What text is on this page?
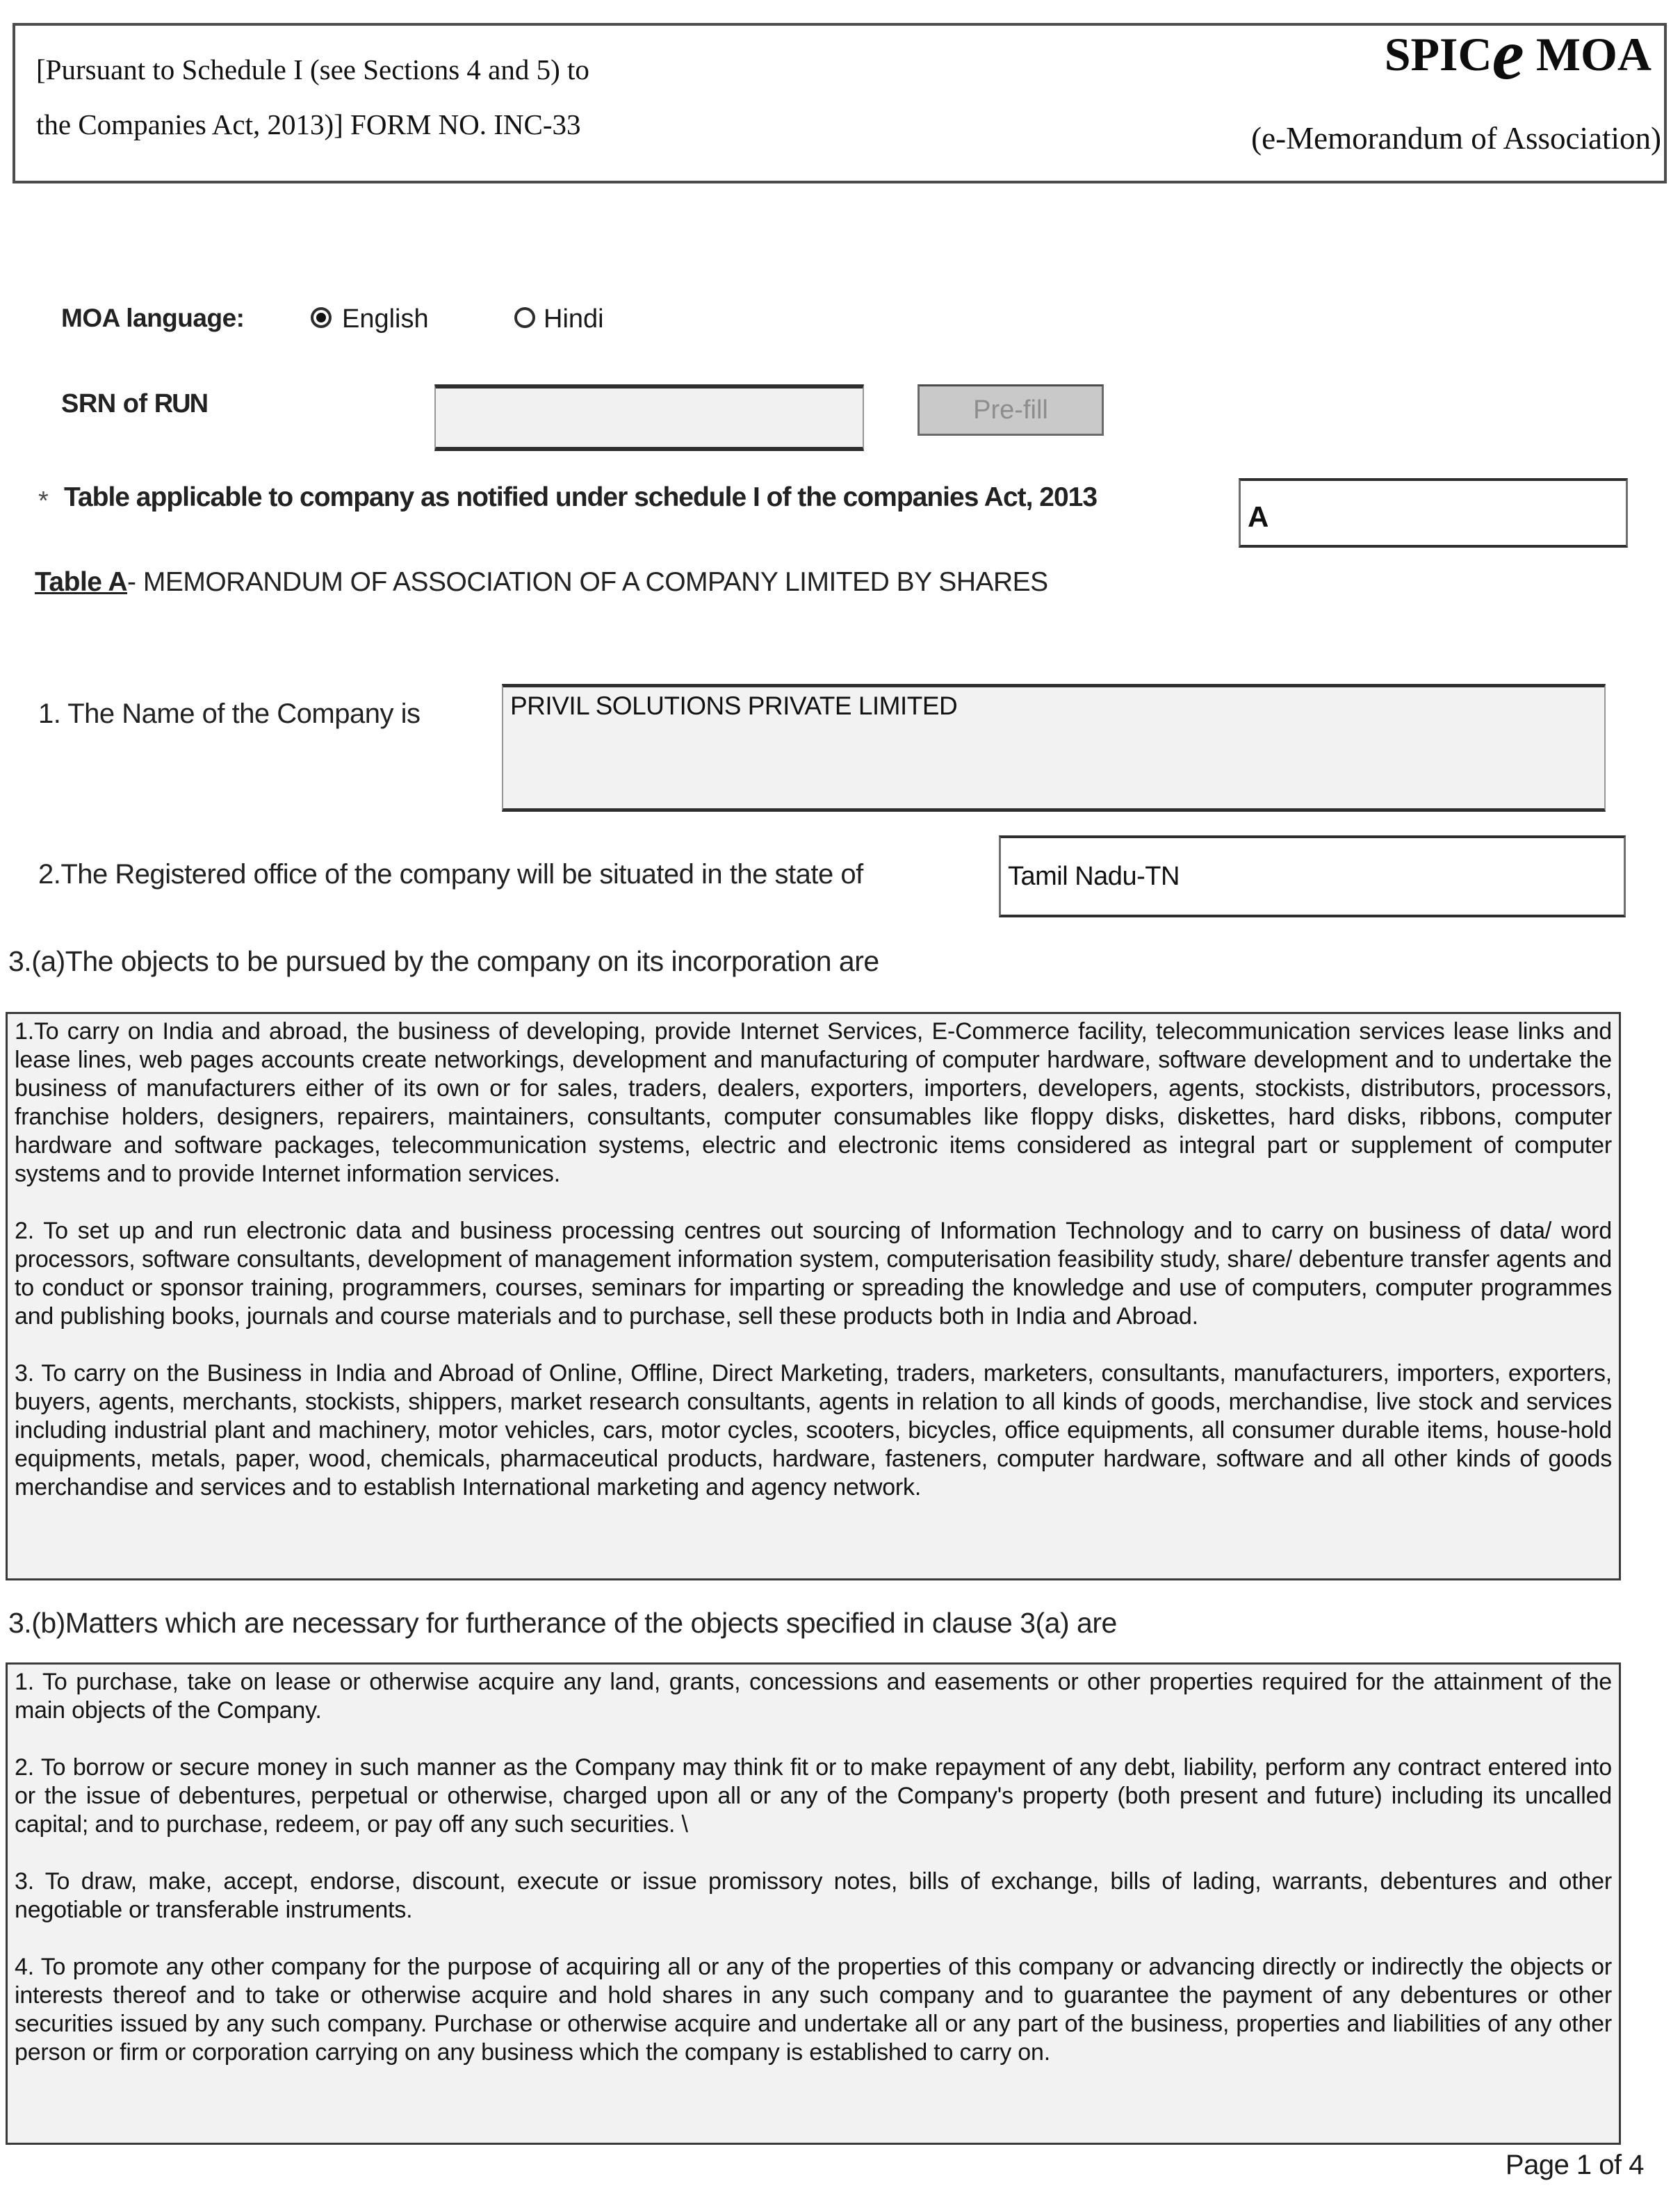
[Pursuant to Schedule I (see Sections 4 and 5) to
the Companies Act, 2013)] FORM NO. INC-33
SPICe MOA
(e-Memorandum of Association)
MOA language:	English	Hindi
SRN of RUN	Pre-fill
* Table applicable to company as notified under schedule I of the companies Act, 2013
A
Table A- MEMORANDUM OF ASSOCIATION OF A COMPANY LIMITED BY SHARES
1. The Name of the Company is	PRIVIL SOLUTIONS PRIVATE LIMITED
2.The Registered office of the company will be situated in the state of	Tamil Nadu-TN
3.(a)The objects to be pursued by the company on its incorporation are

1.To carry on India and abroad, the business of developing, provide Internet Services, E-Commerce facility, telecommunication services lease links and lease lines, web pages accounts create networkings, development and manufacturing of computer hardware, software development and to undertake the business of manufacturers either of its own or for sales, traders, dealers, exporters, importers, developers, agents, stockists, distributors, processors, franchise holders, designers, repairers, maintainers, consultants, computer consumables like floppy disks, diskettes, hard disks, ribbons, computer hardware and software packages, telecommunication systems, electric and electronic items considered as integral part or supplement of computer systems and to provide Internet information services.

2. To set up and run electronic data and business processing centres out sourcing of Information Technology and to carry on business of data/ word processors, software consultants, development of management information system, computerisation feasibility study, share/ debenture transfer agents and to conduct or sponsor training, programmers, courses, seminars for imparting or spreading the knowledge and use of computers, computer programmes and publishing books, journals and course materials and to purchase, sell these products both in India and Abroad.

3. To carry on the Business in India and Abroad of Online, Offline, Direct Marketing, traders, marketers, consultants, manufacturers, importers, exporters, buyers, agents, merchants, stockists, shippers, market research consultants, agents in relation to all kinds of goods, merchandise, live stock and services including industrial plant and machinery, motor vehicles, cars, motor cycles, scooters, bicycles, office equipments, all consumer durable items, house-hold equipments, metals, paper, wood, chemicals, pharmaceutical products, hardware, fasteners, computer hardware, software and all other kinds of goods merchandise and services and to establish International marketing and agency network.

3.(b)Matters which are necessary for furtherance of the objects specified in clause 3(a) are

1. To purchase, take on lease or otherwise acquire any land, grants, concessions and easements or other properties required for the attainment of the main objects of the Company.

2. To borrow or secure money in such manner as the Company may think fit or to make repayment of any debt, liability, perform any contract entered into or the issue of debentures, perpetual or otherwise, charged upon all or any of the Company's property (both present and future) including its uncalled capital; and to purchase, redeem, or pay off any such securities. \

3. To draw, make, accept, endorse, discount, execute or issue promissory notes, bills of exchange, bills of lading, warrants, debentures and other negotiable or transferable instruments.

4. To promote any other company for the purpose of acquiring all or any of the properties of this company or advancing directly or indirectly the objects or interests thereof and to take or otherwise acquire and hold shares in any such company and to guarantee the payment of any debentures or other securities issued by any such company. Purchase or otherwise acquire and undertake all or any part of the business, properties and liabilities of any other person or firm or corporation carrying on any business which the company is established to carry on.

Page 1 of 4
